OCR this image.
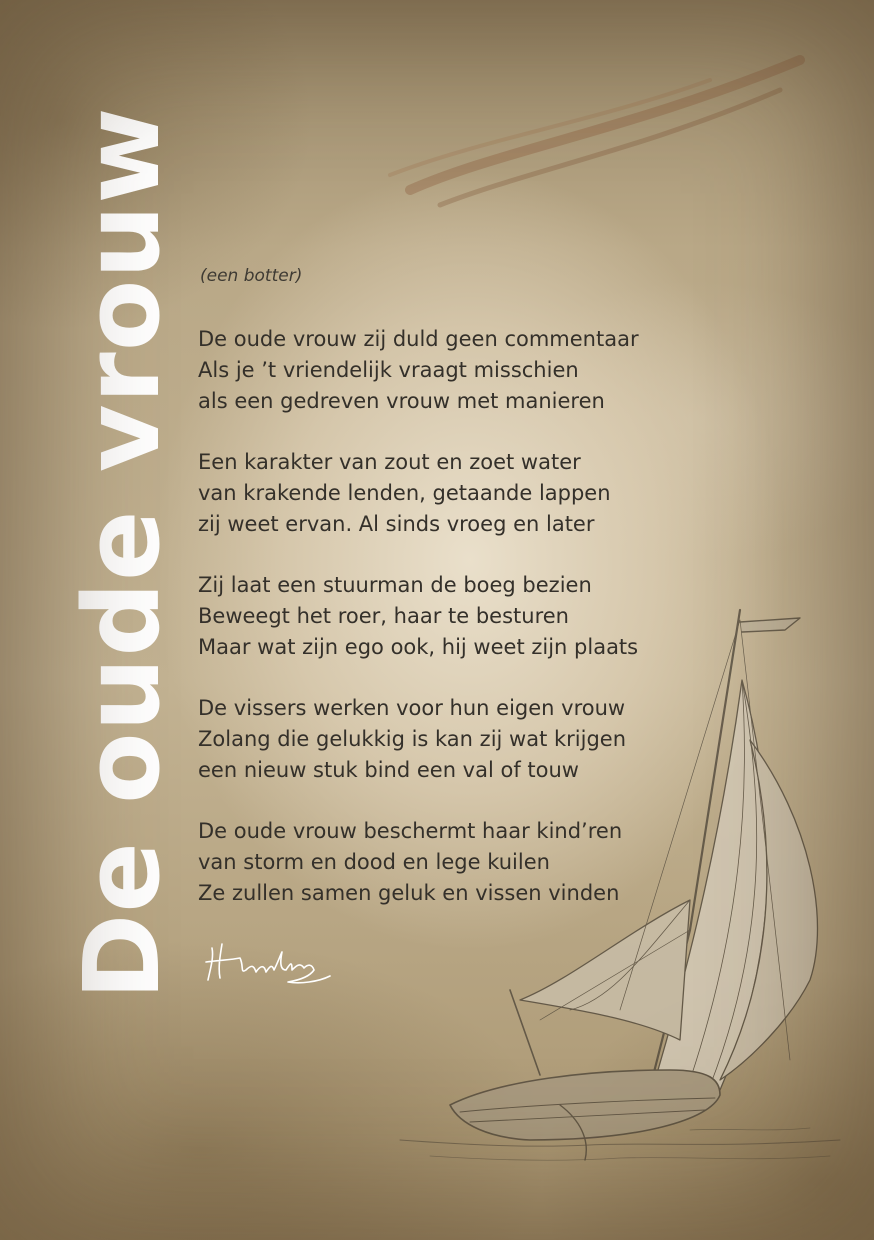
De oude vrouw (een botter)
De oude vrouw zij duld geen commentaar
Als je ’t vriendelijk vraagt misschien
als een gedreven vrouw met manieren
Een karakter van zout en zoet water
van krakende lenden, getaande lappen
zij weet ervan. Al sinds vroeg en later
Zij laat een stuurman de boeg bezien
Beweegt het roer, haar te besturen
Maar wat zijn ego ook, hij weet zijn plaats
De vissers werken voor hun eigen vrouw
Zolang die gelukkig is kan zij wat krijgen
een nieuw stuk bind een val of touw
De oude vrouw beschermt haar kind’ren
van storm en dood en lege kuilen
Ze zullen samen geluk en vissen vinden
